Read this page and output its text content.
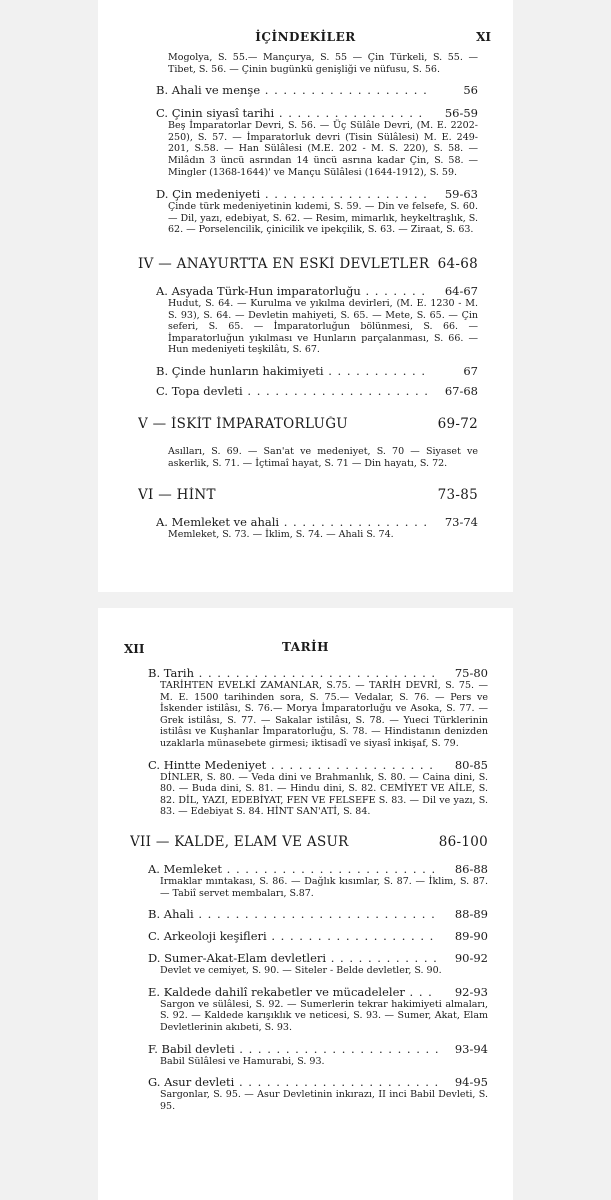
İÇİNDEKİLER	XI

Mogolya, S. 55.— Mançurya, S. 55 — Çin Türkeli, S. 55. — Tibet, S. 56. — Çinin bugünkü genişliği ve nüfusu, S. 56.

B. Ahali ve menşe . . .	56
C. Çinin siyasî tarihi . . .	56-59

Beş İmparatorlar Devri, S. 56. — Üç Sülâle Devri, (M. E. 2202-250), S. 57. — İmparatorluk devri (Tisin Sülâlesi) M. E. 249-201, S.58. — Han Sülâlesi (M.E. 202 - M. S. 220), S. 58. — Milâdın 3 üncü asrından 14 üncü asrına kadar Çin, S. 58. — Mingler (1368-1644)' ve Mançu Sülâlesi (1644-1912), S. 59.

D. Çin medeniyeti . . .	59-63

Çinde türk medeniyetinin kıdemi, S. 59. — Din ve felsefe, S. 60. — Dil, yazı, edebiyat, S. 62. — Resim, mimarlık, heykeltraşlık, S. 62. — Porselencilik, çinicilik ve ipekçilik, S. 63. — Ziraat, S. 63.

IV — ANAYURTTA EN ESKİ DEVLETLER 64-68
A. Asyada Türk-Hun imparatorluğu . . .	64-67

Hudut, S. 64. — Kurulma ve yıkılma devirleri, (M. E. 1230 - M. S. 93), S. 64. — Devletin mahiyeti, S. 65. — Mete, S. 65. — Çin seferi, S. 65. — İmparatorluğun bölünmesi, S. 66. — İmparatorluğun yıkılması ve Hunların parçalanması, S. 66. — Hun medeniyeti teşkilâtı, S. 67.

B. Çinde hunların hakimiyeti . . .	67
C. Topa devleti . . .	67-68
V — İSKİT İMPARATORLUĞU	69-72

Asılları, S. 69. — San'at ve medeniyet, S. 70 — Siyaset ve askerlik, S. 71. — İçtimaî hayat, S. 71 — Din hayatı, S. 72.

VI — HİNT	73-85
A. Memleket ve ahali . . .	73-74

Memleket, S. 73. — İklim, S. 74. — Ahali S. 74.

XII	TARİH
B. Tarih . . .	75-80

TARİHTEN EVELKİ ZAMANLAR, S.75. — TARİH DEVRİ, S. 75. — M. E. 1500 tarihinden sora, S. 75.— Vedalar, S. 76. — Pers ve İskender istilâsı, S. 76.— Morya İmparatorluğu ve Asoka, S. 77. — Grek istilâsı, S. 77. — Sakalar istilâsı, S. 78. — Yueci Türklerinin istilâsı ve Kuşhanlar İmparatorluğu, S. 78. — Hindistanın denizden uzaklarla münasebete girmesi; iktisadî ve siyasî inkişaf, S. 79.

C. Hintte Medeniyet . . .	80-85

DİNLER, S. 80. — Veda dini ve Brahmanlık, S. 80. — Caina dini, S. 80. — Buda dini, S. 81. — Hindu dini, S. 82. CEMİYET VE AİLE, S. 82. DİL, YAZI, EDEBİYAT, FEN VE FELSEFE S. 83. — Dil ve yazı, S. 83. — Edebiyat S. 84. HİNT SAN'ATİ, S. 84.

VII — KALDE, ELAM VE ASUR	86-100
A. Memleket . . .	86-88

Irmaklar mıntakası, S. 86. — Dağlık kısımlar, S. 87. — İklim, S. 87. — Tabiî servet membaları, S.87.

B. Ahali . . .	88-89
C. Arkeoloji keşifleri . . .	89-90
D. Sumer-Akat-Elam devletleri . . .	90-92

Devlet ve cemiyet, S. 90. — Siteler - Belde devletler, S. 90.

E. Kaldede dahilî rekabetler ve mücadeleler . . .	92-93

Sargon ve sülâlesi, S. 92. — Sumerlerin tekrar hakimiyeti almaları, S. 92. — Kaldede karışıklık ve neticesi, S. 93. — Sumer, Akat, Elam Devletlerinin akıbeti, S. 93.

F. Babil devleti . . .	93-94

Babil Sülâlesi ve Hamurabi, S. 93.

G. Asur devleti . . .	94-95

Sargonlar, S. 95. — Asur Devletinin inkırazı, II inci Babil Devleti, S. 95.
